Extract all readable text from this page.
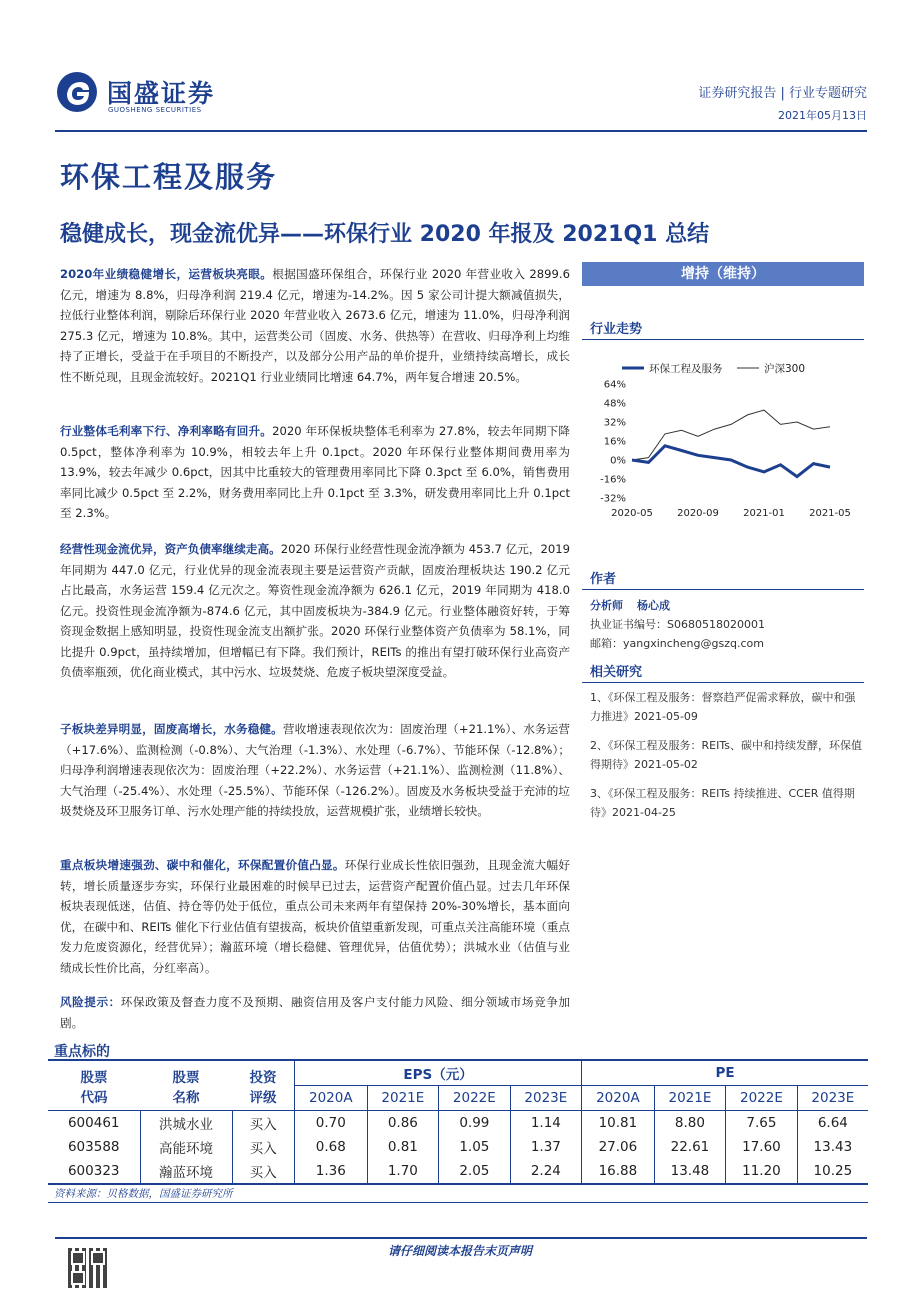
国盛证券
GUOSHENG SECURITIES
证券研究报告 | 行业专题研究
2021年05月13日
环保工程及服务
稳健成长，现金流优异——环保行业 2020 年报及 2021Q1 总结
2020年业绩稳健增长，运营板块亮眼。根据国盛环保组合，环保行业 2020 年营业收入 2899.6 亿元，增速为 8.8%，归母净利润 219.4 亿元，增速为-14.2%。因 5 家公司计提大额减值损失，拉低行业整体利润，剔除后环保行业 2020 年营业收入 2673.6 亿元，增速为 11.0%，归母净利润 275.3 亿元，增速为 10.8%。其中，运营类公司（固废、水务、供热等）在营收、归母净利上均维持了正增长，受益于在手项目的不断投产，以及部分公用产品的单价提升，业绩持续高增长，成长性不断兑现，且现金流较好。2021Q1 行业业绩同比增速 64.7%，两年复合增速 20.5%。
行业整体毛利率下行、净利率略有回升。2020 年环保板块整体毛利率为 27.8%，较去年同期下降 0.5pct，整体净利率为 10.9%，相较去年上升 0.1pct。2020 年环保行业整体期间费用率为 13.9%，较去年减少 0.6pct，因其中比重较大的管理费用率同比下降 0.3pct 至 6.0%，销售费用率同比减少 0.5pct 至 2.2%，财务费用率同比上升 0.1pct 至 3.3%，研发费用率同比上升 0.1pct 至 2.3%。
经营性现金流优异，资产负债率继续走高。2020 环保行业经营性现金流净额为 453.7 亿元，2019 年同期为 447.0 亿元，行业优异的现金流表现主要是运营资产贡献，固废治理板块达 190.2 亿元占比最高，水务运营 159.4 亿元次之。筹资性现金流净额为 626.1 亿元，2019 年同期为 418.0 亿元。投资性现金流净额为-874.6 亿元，其中固废板块为-384.9 亿元。行业整体融资好转，于筹资现金数据上感知明显，投资性现金流支出额扩张。2020 环保行业整体资产负债率为 58.1%，同比提升 0.9pct，虽持续增加，但增幅已有下降。我们预计，REITs 的推出有望打破环保行业高资产负债率瓶颈，优化商业模式，其中污水、垃圾焚烧、危废子板块望深度受益。
子板块差异明显，固废高增长，水务稳健。营收增速表现依次为：固废治理（+21.1%）、水务运营（+17.6%）、监测检测（-0.8%）、大气治理（-1.3%）、水处理（-6.7%）、节能环保（-12.8%）；归母净利润增速表现依次为：固废治理（+22.2%）、水务运营（+21.1%）、监测检测（11.8%）、大气治理（-25.4%）、水处理（-25.5%）、节能环保（-126.2%）。固废及水务板块受益于充沛的垃圾焚烧及环卫服务订单、污水处理产能的持续投放，运营规模扩张，业绩增长较快。
重点板块增速强劲、碳中和催化，环保配置价值凸显。环保行业成长性依旧强劲，且现金流大幅好转，增长质量逐步夯实，环保行业最困难的时候早已过去，运营资产配置价值凸显。过去几年环保板块表现低迷，估值、持仓等仍处于低位，重点公司未来两年有望保持 20%-30%增长，基本面向优，在碳中和、REITs 催化下行业估值有望拔高，板块价值望重新发现，可重点关注高能环境（重点发力危废资源化，经营优异）；瀚蓝环境（增长稳健、管理优异，估值优势）；洪城水业（估值与业绩成长性价比高，分红率高）。
风险提示：环保政策及督查力度不及预期、融资信用及客户支付能力风险、细分领域市场竞争加剧。
增持（维持）
行业走势
环保工程及服务	沪深300
64%
48%
32%
16%
0%
-16%
-32%
2020-05 2020-09 2021-01 2021-05
作者
分析师 杨心成
执业证书编号：S0680518020001
邮箱：yangxincheng@gszq.com
相关研究
1、《环保工程及服务：督察趋严促需求释放，碳中和强力推进》2021-05-09
2、《环保工程及服务：REITs、碳中和持续发酵，环保值得期待》2021-05-02
3、《环保工程及服务：REITs 持续推进、CCER 值得期待》2021-04-25
重点标的
股票
代码	股票
名称	投资
评级	EPS（元）				PE			
			2020A	2021E	2022E	2023E	2020A	2021E	2022E	2023E
600461	洪城水业	买入	0.70	0.86	0.99	1.14	10.81	8.80	7.65	6.64
603588	高能环境	买入	0.68	0.81	1.05	1.37	27.06	22.61	17.60	13.43
600323	瀚蓝环境	买入	1.36	1.70	2.05	2.24	16.88	13.48	11.20	10.25
资料来源：贝格数据，国盛证券研究所
请仔细阅读本报告末页声明
